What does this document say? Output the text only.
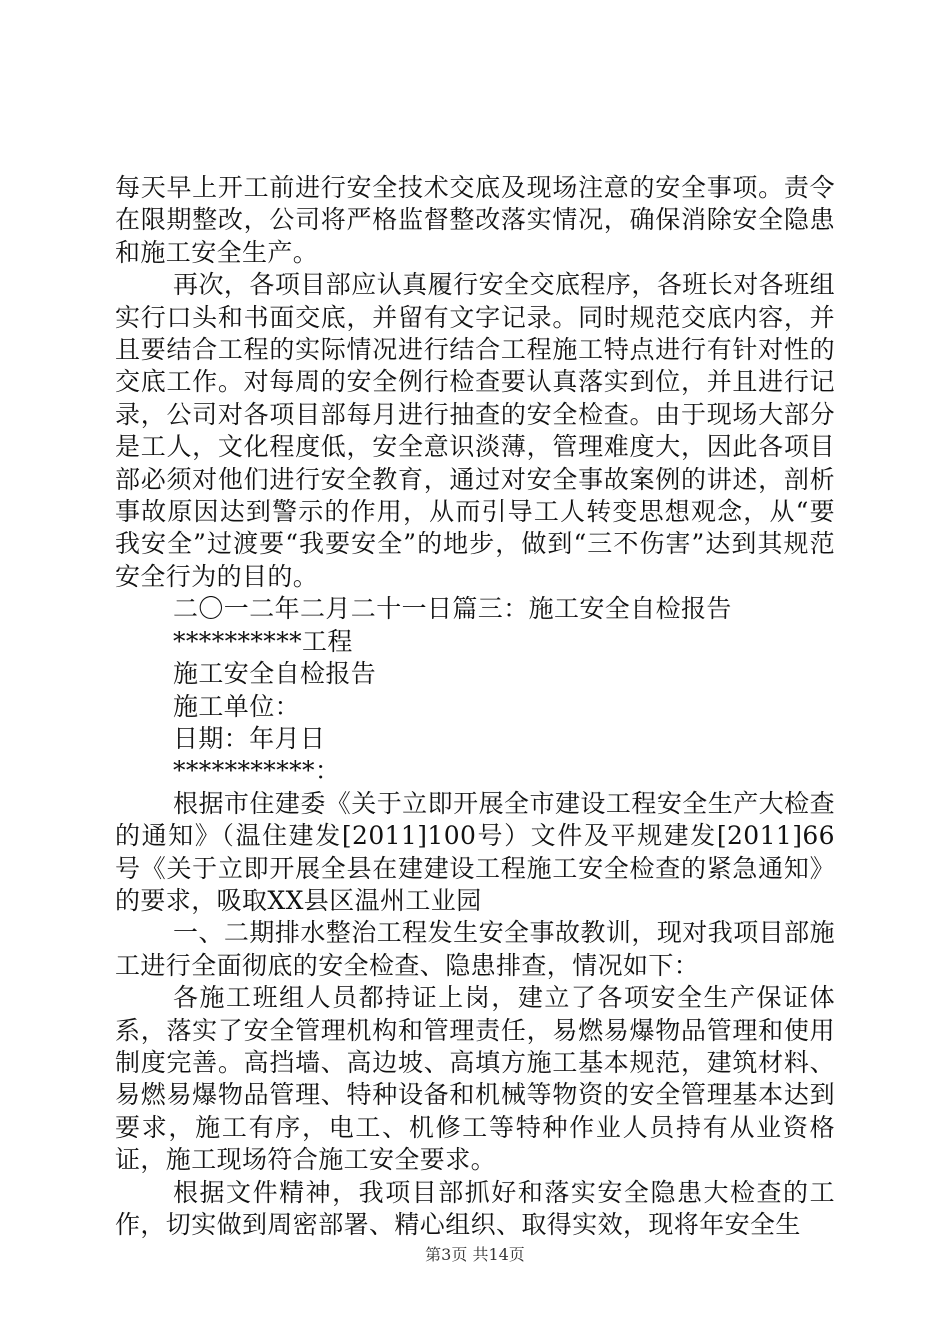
每天早上开工前进行安全技术交底及现场注意的安全事项。责令在限期整改，公司将严格监督整改落实情况，确保消除安全隐患和施工安全生产。

再次，各项目部应认真履行安全交底程序，各班长对各班组实行口头和书面交底，并留有文字记录。同时规范交底内容，并且要结合工程的实际情况进行结合工程施工特点进行有针对性的交底工作。对每周的安全例行检查要认真落实到位，并且进行记录，公司对各项目部每月进行抽查的安全检查。由于现场大部分是工人，文化程度低，安全意识淡薄，管理难度大，因此各项目部必须对他们进行安全教育，通过对安全事故案例的讲述，剖析事故原因达到警示的作用，从而引导工人转变思想观念，从“要我安全”过渡要“我要安全”的地步，做到“三不伤害”达到其规范安全行为的目的。

二〇一二年二月二十一日篇三：施工安全自检报告

**********工程

施工安全自检报告

施工单位：

日期：年月日

***********：

根据市住建委《关于立即开展全市建设工程安全生产大检查的通知》（温住建发[2011]100号）文件及平规建发[2011]66号《关于立即开展全县在建建设工程施工安全检查的紧急通知》的要求，吸取XX县区温州工业园

一、二期排水整治工程发生安全事故教训，现对我项目部施工进行全面彻底的安全检查、隐患排查，情况如下：

各施工班组人员都持证上岗，建立了各项安全生产保证体系，落实了安全管理机构和管理责任，易燃易爆物品管理和使用制度完善。高挡墙、高边坡、高填方施工基本规范，建筑材料、易燃易爆物品管理、特种设备和机械等物资的安全管理基本达到要求，施工有序，电工、机修工等特种作业人员持有从业资格证，施工现场符合施工安全要求。

根据文件精神，我项目部抓好和落实安全隐患大检查的工作，切实做到周密部署、精心组织、取得实效，现将年安全生

第3页 共14页
